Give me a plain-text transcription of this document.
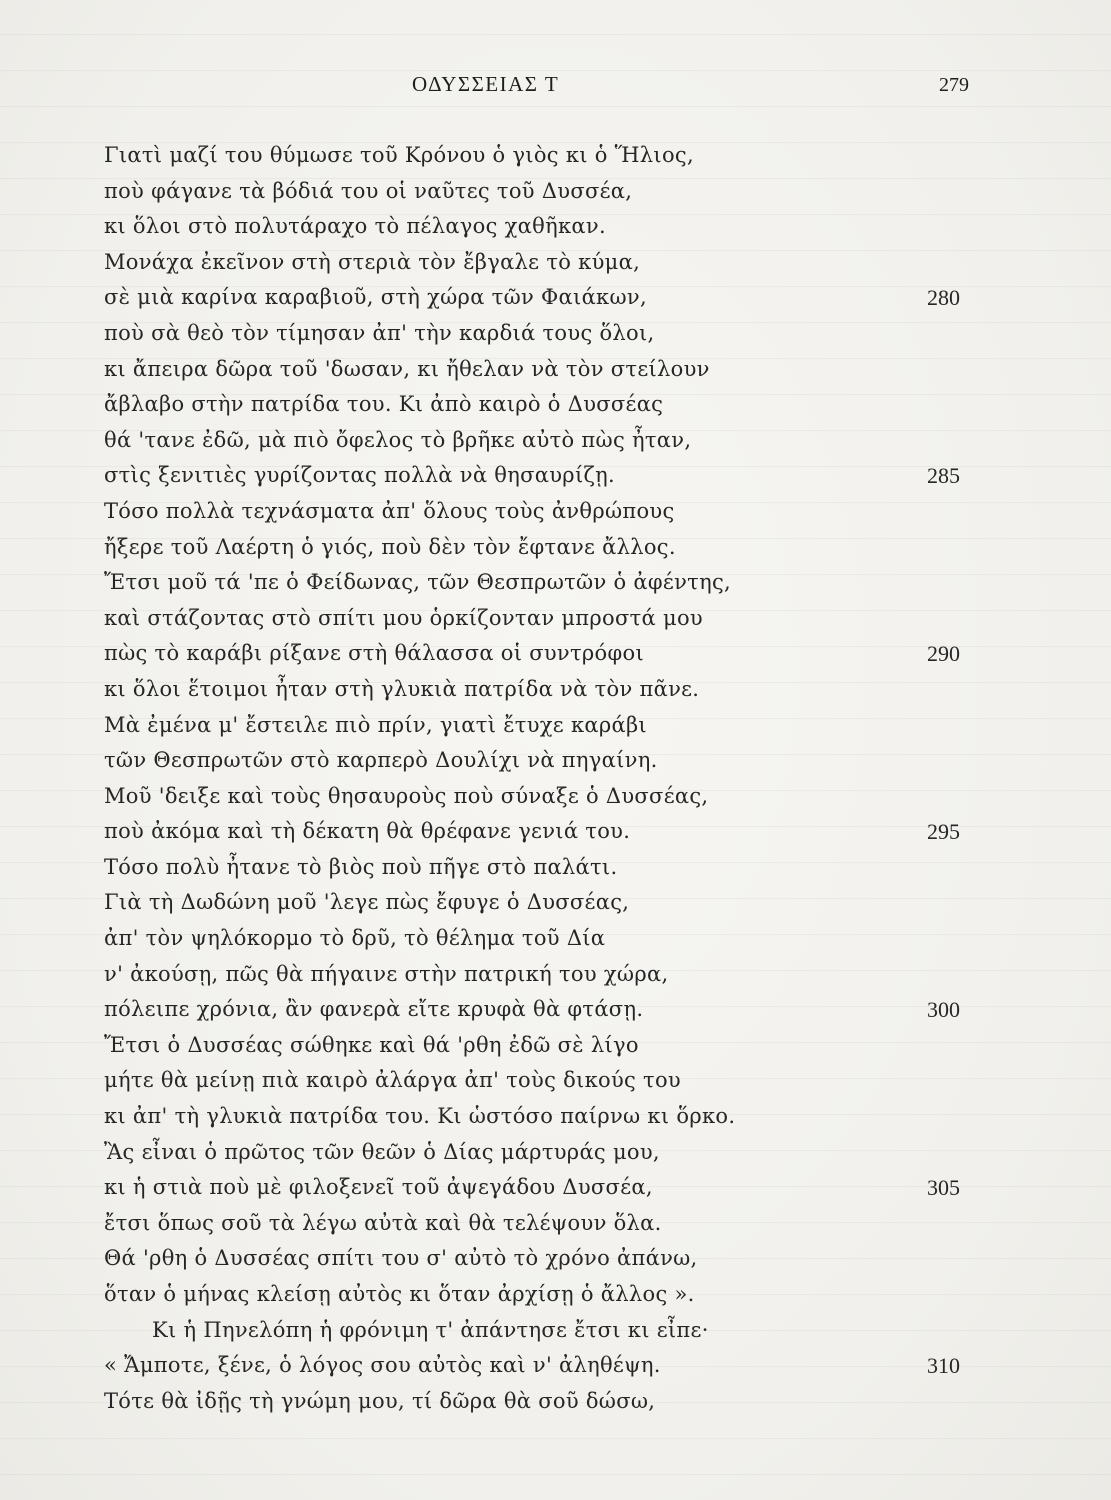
ΟΔΥΣΣΕΙΑΣ Τ	279
Γιατὶ μαζί του θύμωσε τοῦ Κρόνου ὁ γιὸς κι ὁ Ἥλιος,
ποὺ φάγανε τὰ βόδιά του οἱ ναῦτες τοῦ Δυσσέα,
κι ὅλοι στὸ πολυτάραχο τὸ πέλαγος χαθῆκαν.
Μονάχα ἐκεῖνον στὴ στεριὰ τὸν ἔβγαλε τὸ κύμα,
σὲ μιὰ καρίνα καραβιοῦ, στὴ χώρα τῶν Φαιάκων,	280
ποὺ σὰ θεὸ τὸν τίμησαν ἀπ' τὴν καρδιά τους ὅλοι,
κι ἄπειρα δῶρα τοῦ 'δωσαν, κι ἤθελαν νὰ τὸν στείλουν
ἄβλαβο στὴν πατρίδα του. Κι ἀπὸ καιρὸ ὁ Δυσσέας
θά 'τανε ἐδῶ, μὰ πιὸ ὄφελος τὸ βρῆκε αὐτὸ πὼς ἦταν,
στὶς ξενιτιὲς γυρίζοντας πολλὰ νὰ θησαυρίζῃ.	285
Τόσο πολλὰ τεχνάσματα ἀπ' ὅλους τοὺς ἀνθρώπους
ἤξερε τοῦ Λαέρτη ὁ γιός, ποὺ δὲν τὸν ἔφτανε ἄλλος.
Ἔτσι μοῦ τά 'πε ὁ Φείδωνας, τῶν Θεσπρωτῶν ὁ ἀφέντης,
καὶ στάζοντας στὸ σπίτι μου ὁρκίζονταν μπροστά μου
πὼς τὸ καράβι ρίξανε στὴ θάλασσα οἱ συντρόφοι	290
κι ὅλοι ἕτοιμοι ἦταν στὴ γλυκιὰ πατρίδα νὰ τὸν πᾶνε.
Μὰ ἐμένα μ' ἔστειλε πιὸ πρίν, γιατὶ ἔτυχε καράβι
τῶν Θεσπρωτῶν στὸ καρπερὸ Δουλίχι νὰ πηγαίνη.
Μοῦ 'δειξε καὶ τοὺς θησαυροὺς ποὺ σύναξε ὁ Δυσσέας,
ποὺ ἀκόμα καὶ τὴ δέκατη θὰ θρέφανε γενιά του.	295
Τόσο πολὺ ἦτανε τὸ βιὸς ποὺ πῆγε στὸ παλάτι.
Γιὰ τὴ Δωδώνη μοῦ 'λεγε πὼς ἔφυγε ὁ Δυσσέας,
ἀπ' τὸν ψηλόκορμο τὸ δρῦ, τὸ θέλημα τοῦ Δία
ν' ἀκούσῃ, πῶς θὰ πήγαινε στὴν πατρική του χώρα,
πόλειπε χρόνια, ἂν φανερὰ εἴτε κρυφὰ θὰ φτάσῃ.	300
Ἔτσι ὁ Δυσσέας σώθηκε καὶ θά 'ρθη ἐδῶ σὲ λίγο
μήτε θὰ μείνῃ πιὰ καιρὸ ἀλάργα ἀπ' τοὺς δικούς του
κι ἀπ' τὴ γλυκιὰ πατρίδα του. Κι ὡστόσο παίρνω κι ὅρκο.
Ἂς εἶναι ὁ πρῶτος τῶν θεῶν ὁ Δίας μάρτυράς μου,
κι ἡ στιὰ ποὺ μὲ φιλοξενεῖ τοῦ ἀψεγάδου Δυσσέα,	305
ἔτσι ὅπως σοῦ τὰ λέγω αὐτὰ καὶ θὰ τελέψουν ὅλα.
Θά 'ρθη ὁ Δυσσέας σπίτι του σ' αὐτὸ τὸ χρόνο ἀπάνω,
ὅταν ὁ μήνας κλείσῃ αὐτὸς κι ὅταν ἀρχίσῃ ὁ ἄλλος ».
Κι ἡ Πηνελόπη ἡ φρόνιμη τ' ἀπάντησε ἔτσι κι εἶπε·
« Ἄμποτε, ξένε, ὁ λόγος σου αὐτὸς καὶ ν' ἀληθέψη.	310
Τότε θὰ ἰδῇς τὴ γνώμη μου, τί δῶρα θὰ σοῦ δώσω,
